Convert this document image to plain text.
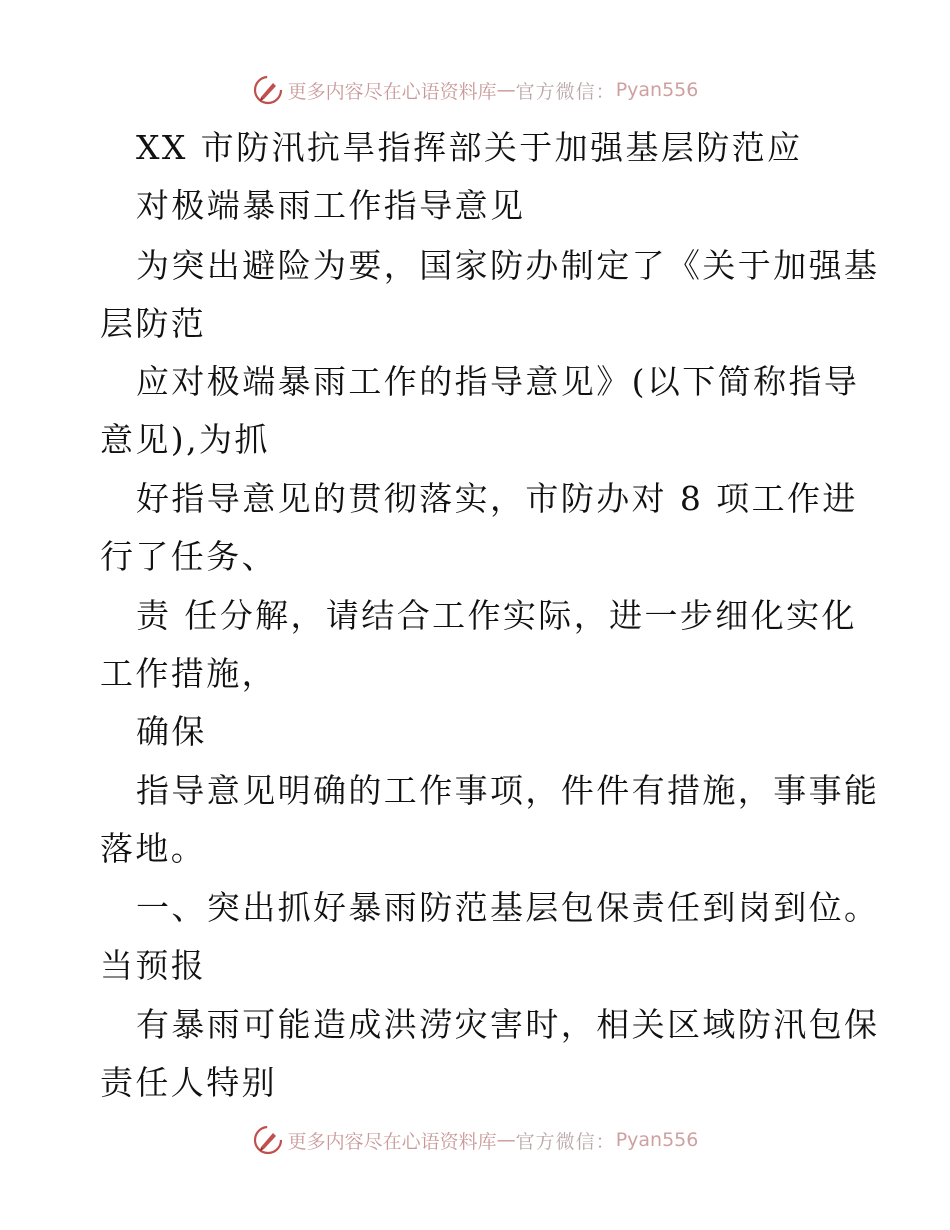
更多内容尽在心语资料库 — 官方微信： Pyan556
XX 市防汛抗旱指挥部关于加强基层防范应
对极端暴雨工作指导意见
为突出避险为要，国家防办制定了《关于加强基
层防范
应对极端暴雨工作的指导意见》(以下简称指导
意见),为抓
好指导意见的贯彻落实，市防办对 8 项工作进
行了任务、
责 任分解，请结合工作实际，进一步细化实化
工作措施，
确保
指导意见明确的工作事项，件件有措施，事事能
落地。
一、突出抓好暴雨防范基层包保责任到岗到位。
当预报
有暴雨可能造成洪涝灾害时，相关区域防汛包保
责任人特别
更多内容尽在心语资料库 — 官方微信： Pyan556
